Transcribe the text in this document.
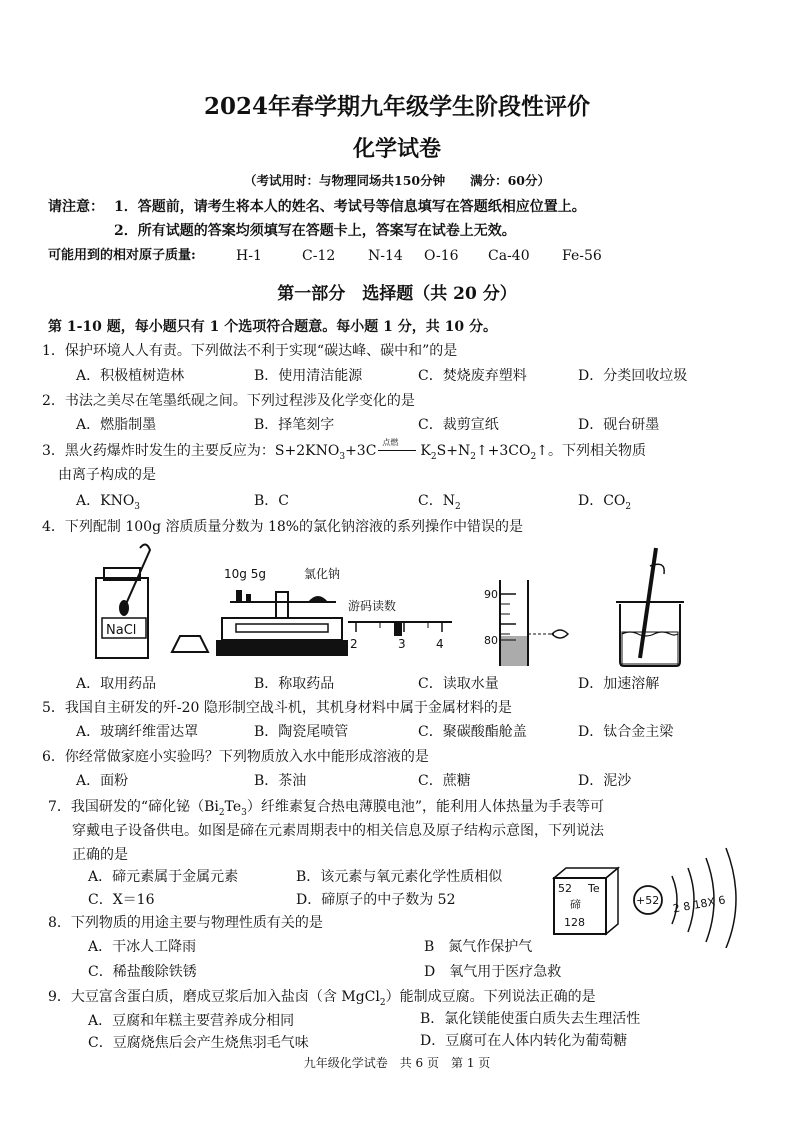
2024年春学期九年级学生阶段性评价
化学试卷
（考试用时：与物理同场共150分钟　　满分：60分）
请注意： 1．答题前，请考生将本人的姓名、考试号等信息填写在答题纸相应位置上。
2．所有试题的答案均须填写在答题卡上，答案写在试卷上无效。
可能用到的相对原子质量:	H-1	C-12 N-14 O-16 Ca-40 Fe-56
第一部分　选择题（共 20 分）
第 1-10 题，每小题只有 1 个选项符合题意。每小题 1 分，共 10 分。
1．保护环境人人有责。下列做法不利于实现“碳达峰、碳中和”的是
A．积极植树造林	B．使用清洁能源	C．焚烧废弃塑料	D．分类回收垃圾
2．书法之美尽在笔墨纸砚之间。下列过程涉及化学变化的是
A．燃脂制墨	B．择笔刻字	C．裁剪宣纸	D．砚台研墨
3．黑火药爆炸时发生的主要反应为：$S+2KNO_3+3C$
点燃
$K_2S+N_2↑+3CO_2↑$。下列相关物质
由离子构成的是
A．$KNO_3$	B．C	C．$N_2$	D．$CO_2$
4．下列配制 100g 溶质质量分数为 18%的氯化钠溶液的系列操作中错误的是
NaCl
10g 5g	氯化钠
游码读数
2	3	4
90
80
A．取用药品	B．称取药品	C．读取水量	D．加速溶解
5．我国自主研发的歼-20 隐形制空战斗机，其机身材料中属于金属材料的是
A．玻璃纤维雷达罩	B．陶瓷尾喷管	C．聚碳酸酯舱盖	D．钛合金主梁
6．你经常做家庭小实验吗？下列物质放入水中能形成溶液的是
A．面粉	B．茶油	C．蔗糖	D．泥沙
7．我国研发的“碲化铋$(Bi_2Te_3)$纤维素复合热电薄膜电池”，能利用人体热量为手表等可
穿戴电子设备供电。如图是碲在元素周期表中的相关信息及原子结构示意图，下列说法
正确的是
A．碲元素属于金属元素	B．该元素与氧元素化学性质相似
C．X＝16	D．碲原子的中子数为 52
52 Te
碲
128
+52 2 8 18X 6
8．下列物质的用途主要与物理性质有关的是
A．干冰人工降雨	B　氮气作保护气
C．稀盐酸除铁锈	D　氧气用于医疗急救
9．大豆富含蛋白质，磨成豆浆后加入盐卤（含 MgCl$_2$）能制成豆腐。下列说法正确的是
A．豆腐和年糕主要营养成分相同	B．氯化镁能使蛋白质失去生理活性
C．豆腐烧焦后会产生烧焦羽毛气味	D．豆腐可在人体内转化为葡萄糖
九年级化学试卷　共 6 页　第 1 页
